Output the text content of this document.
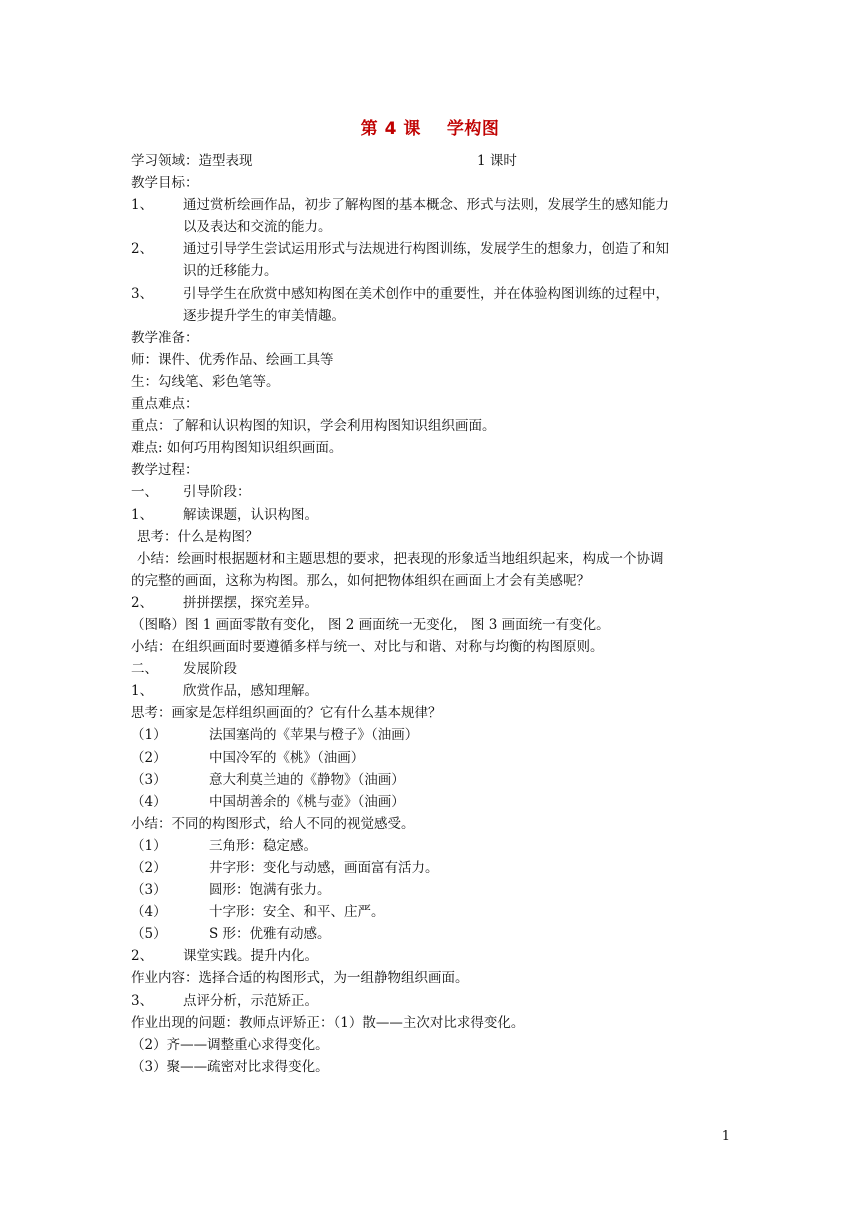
第 4 课 学构图
学习领域：造型表现	1 课时
教学目标：
1、 通过赏析绘画作品，初步了解构图的基本概念、形式与法则，发展学生的感知能力
以及表达和交流的能力。
2、 通过引导学生尝试运用形式与法规进行构图训练，发展学生的想象力，创造了和知
识的迁移能力。
3、 引导学生在欣赏中感知构图在美术创作中的重要性，并在体验构图训练的过程中，
逐步提升学生的审美情趣。
教学准备：
师：课件、优秀作品、绘画工具等
生：勾线笔、彩色笔等。
重点难点：
重点：了解和认识构图的知识，学会利用构图知识组织画面。
难点: 如何巧用构图知识组织画面。
教学过程：
一、 引导阶段：
1、 解读课题，认识构图。
思考：什么是构图？
小结：绘画时根据题材和主题思想的要求，把表现的形象适当地组织起来，构成一个协调
的完整的画面，这称为构图。那么，如何把物体组织在画面上才会有美感呢？
2、 拼拼摆摆，探究差异。
（图略）图 1 画面零散有变化， 图 2 画面统一无变化， 图 3 画面统一有变化。
小结：在组织画面时要遵循多样与统一、对比与和谐、对称与均衡的构图原则。
二、 发展阶段
1、 欣赏作品，感知理解。
思考：画家是怎样组织画面的？它有什么基本规律？
（1）	法国塞尚的《苹果与橙子》（油画）
（2）	中国冷军的《桃》（油画）
（3）	意大利莫兰迪的《静物》（油画）
（4）	中国胡善余的《桃与壶》（油画）
小结：不同的构图形式，给人不同的视觉感受。
（1）	三角形：稳定感。
（2）	井字形：变化与动感，画面富有活力。
（3）	圆形：饱满有张力。
（4）	十字形：安全、和平、庄严。
（5）	S 形：优雅有动感。
2、 课堂实践。提升内化。
作业内容：选择合适的构图形式，为一组静物组织画面。
3、 点评分析，示范矫正。
作业出现的问题：教师点评矫正：（1）散——主次对比求得变化。
（2）齐——调整重心求得变化。
（3）聚——疏密对比求得变化。
1
